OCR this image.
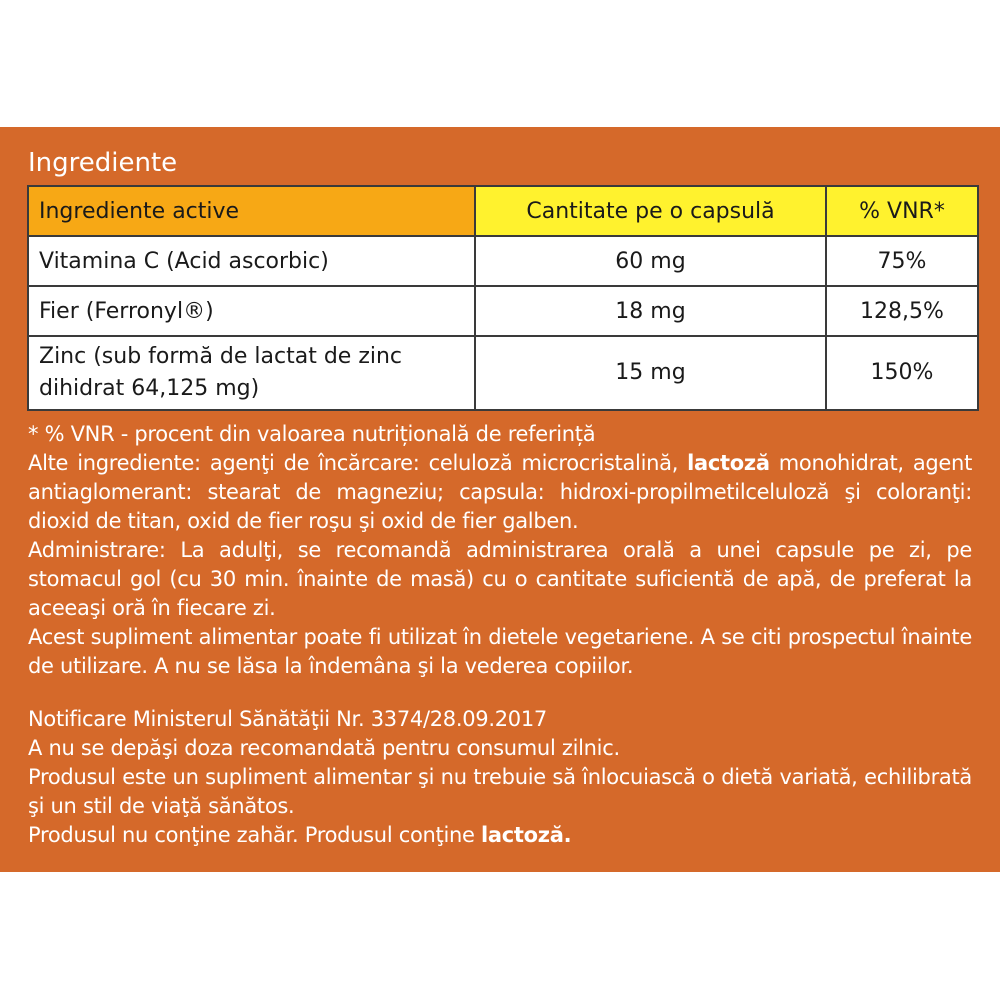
Ingrediente
Ingrediente active	Cantitate pe o capsulă	% VNR*
Vitamina C (Acid ascorbic)	60 mg	75%
Fier (Ferronyl®)	18 mg	128,5%
Zinc (sub formă de lactat de zinc dihidrat 64,125 mg)	15 mg	150%

* % VNR - procent din valoarea nutrițională de referință

Alte ingrediente: agenţi de încărcare: celuloză microcristalină, lactoză monohidrat, agent antiaglomerant: stearat de magneziu; capsula: hidroxi-propilmetilceluloză şi coloranţi: dioxid de titan, oxid de fier roşu şi oxid de fier galben.

Administrare: La adulţi, se recomandă administrarea orală a unei capsule pe zi, pe stomacul gol (cu 30 min. înainte de masă) cu o cantitate suficientă de apă, de preferat la aceeaşi oră în fiecare zi.

Acest supliment alimentar poate fi utilizat în dietele vegetariene. A se citi prospectul înainte de utilizare. A nu se lăsa la îndemâna şi la vederea copiilor.

Notificare Ministerul Sănătăţii Nr. 3374/28.09.2017

A nu se depăşi doza recomandată pentru consumul zilnic.

Produsul este un supliment alimentar şi nu trebuie să înlocuiască o dietă variată, echilibrată şi un stil de viaţă sănătos.

Produsul nu conţine zahăr. Produsul conţine lactoză.
